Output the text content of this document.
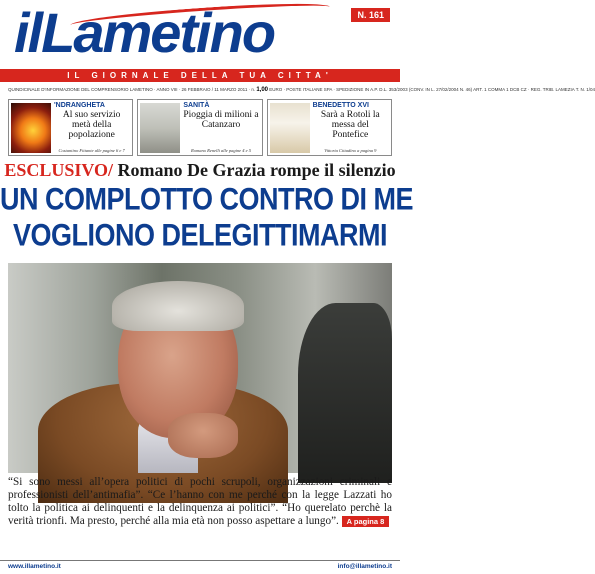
ilLametino	N. 161
IL GIORNALE DELLA TUA CITTA'
QUINDICINALE D'INFORMAZIONE DEL COMPRENSORIO LAMETINO · ANNO VIII · 26 FEBBRAIO / 11 MARZO 2011 · n. 1,00 EURO · POSTE ITALIANE SPA · SPEDIZIONE IN A.P. D.L. 353/2003 (CONV. IN L. 27/02/2004 N. 46) ART. 1 COMMA 1 DCB CZ · REG. TRIB. LAMEZIA T. N. 1/04
'NDRANGHETA
Al suo servizio metà della popolazione
Costantino Fittante alle pagine 6 e 7
SANITÀ
Pioggia di milioni a Catanzaro
Romano Renelli alle pagine 4 e 5
BENEDETTO XVI
Sarà a Rotoli la messa del Pontefice
Vittoria Cittadino a pagina 9
ESCLUSIVO/ Romano De Grazia rompe il silenzio
UN COMPLOTTO CONTRO DI ME
VOGLIONO DELEGITTIMARMI
“Si sono messi all’opera politici di pochi scrupoli, organizzazioni criminali e professionisti dell’antimafia”. “Ce l’hanno con me perché con la legge Lazzati ho tolto la politica ai delinquenti e la delinquenza ai politici”. “Ho querelato perchè la verità trionfi. Ma presto, perché alla mia età non posso aspettare a lungo”. A pagina 8
www.illametino.it	info@illametino.it
